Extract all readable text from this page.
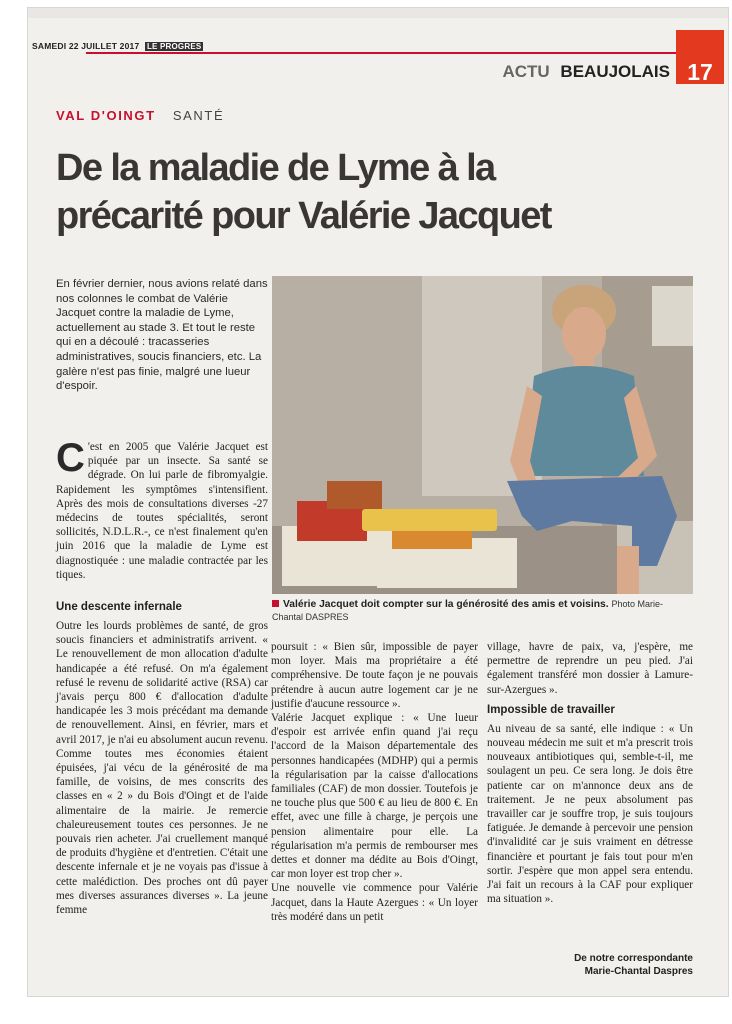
SAMEDI 22 JUILLET 2017 LE PROGRES
ACTU BEAUJOLAIS 17
VAL D'OINGT SANTÉ
De la maladie de Lyme à la
précarité pour Valérie Jacquet
En février dernier, nous avions relaté dans nos colonnes le combat de Valérie Jacquet contre la maladie de Lyme, actuellement au stade 3. Et tout le reste qui en a découlé : tracasseries administratives, soucis financiers, etc. La galère n'est pas finie, malgré une lueur d'espoir.
Valérie Jacquet doit compter sur la générosité des amis et voisins. Photo Marie-Chantal DASPRES
C 'est en 2005 que Valérie Jacquet est piquée par un insecte. Sa santé se dégrade. On lui parle de fibromyalgie. Rapidement les symptômes s'intensifient. Après des mois de consultations diverses -27 médecins de toutes spécialités, seront sollicités, N.D.L.R.-, ce n'est finalement qu'en juin 2016 que la maladie de Lyme est diagnostiquée : une maladie contractée par les tiques.

Une descente infernale

Outre les lourds problèmes de santé, de gros soucis financiers et administratifs arrivent. « Le renouvellement de mon allocation d'adulte handicapée a été refusé. On m'a également refusé le revenu de solidarité active (RSA) car j'avais perçu 800 € d'allocation d'adulte handicapée les 3 mois précédant ma demande de renouvellement. Ainsi, en février, mars et avril 2017, je n'ai eu absolument aucun revenu. Comme toutes mes économies étaient épuisées, j'ai vécu de la générosité de ma famille, de voisins, de mes conscrits des classes en « 2 » du Bois d'Oingt et de l'aide alimentaire de la mairie. Je remercie chaleureusement toutes ces personnes. Je ne pouvais rien acheter. J'ai cruellement manqué de produits d'hygiène et d'entretien. C'était une descente infernale et je ne voyais pas d'issue à cette malédiction. Des proches ont dû payer mes diverses assurances diverses ». La jeune femme

poursuit : « Bien sûr, impossible de payer mon loyer. Mais ma propriétaire a été compréhensive. De toute façon je ne pouvais prétendre à aucun autre logement car je ne justifie d'aucune ressource ».

Valérie Jacquet explique : « Une lueur d'espoir est arrivée enfin quand j'ai reçu l'accord de la Maison départementale des personnes handicapées (MDHP) qui a permis la régularisation par la caisse d'allocations familiales (CAF) de mon dossier. Toutefois je ne touche plus que 500 € au lieu de 800 €. En effet, avec une fille à charge, je perçois une pension alimentaire pour elle. La régularisation m'a permis de rembourser mes dettes et donner ma dédite au Bois d'Oingt, car mon loyer est trop cher ».

Une nouvelle vie commence pour Valérie Jacquet, dans la Haute Azergues : « Un loyer très modéré dans un petit

village, havre de paix, va, j'espère, me permettre de reprendre un peu pied. J'ai également transféré mon dossier à Lamure-sur-Azergues ».

Impossible de travailler

Au niveau de sa santé, elle indique : « Un nouveau médecin me suit et m'a prescrit trois nouveaux antibiotiques qui, semble-t-il, me soulagent un peu. Ce sera long. Je dois être patiente car on m'annonce deux ans de traitement. Je ne peux absolument pas travailler car je souffre trop, je suis toujours fatiguée. Je demande à percevoir une pension d'invalidité car je suis vraiment en détresse financière et pourtant je fais tout pour m'en sortir. J'espère que mon appel sera entendu. J'ai fait un recours à la CAF pour expliquer ma situation ».

De notre correspondante
Marie-Chantal Daspres
